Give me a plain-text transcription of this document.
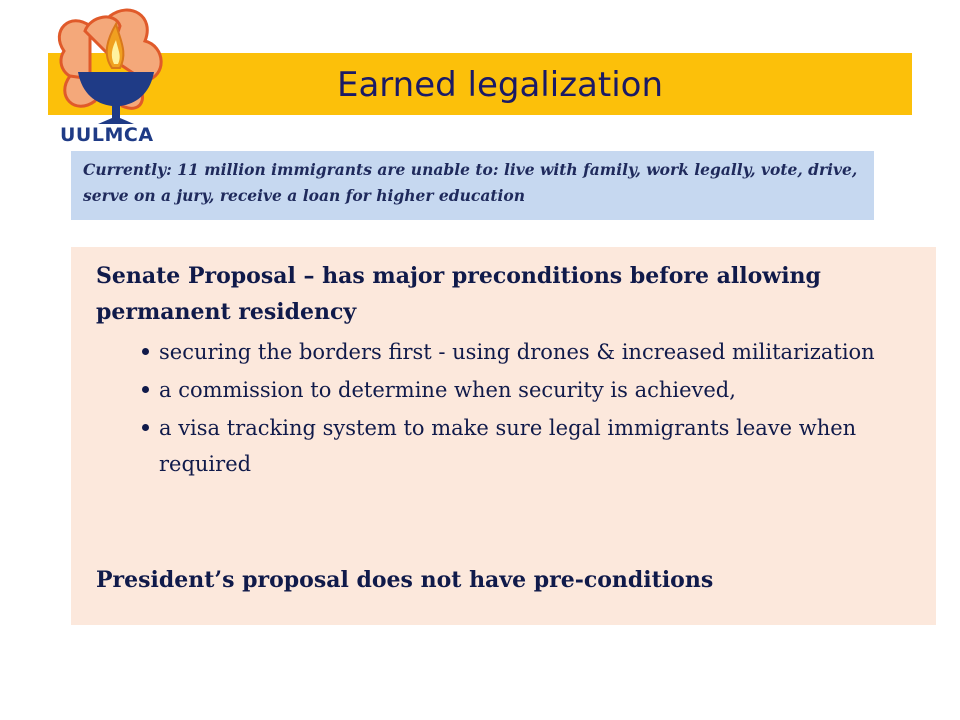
Earned legalization
UULMCA
Currently: 11 million immigrants are unable to: live with family, work legally, vote, drive, serve on a jury, receive a loan for higher education
Senate Proposal – has major preconditions before allowing permanent residency
securing the borders first - using drones & increased militarization
a commission to determine when security is achieved,
a visa tracking system to make sure legal immigrants leave when required
President’s proposal does not have pre-conditions
